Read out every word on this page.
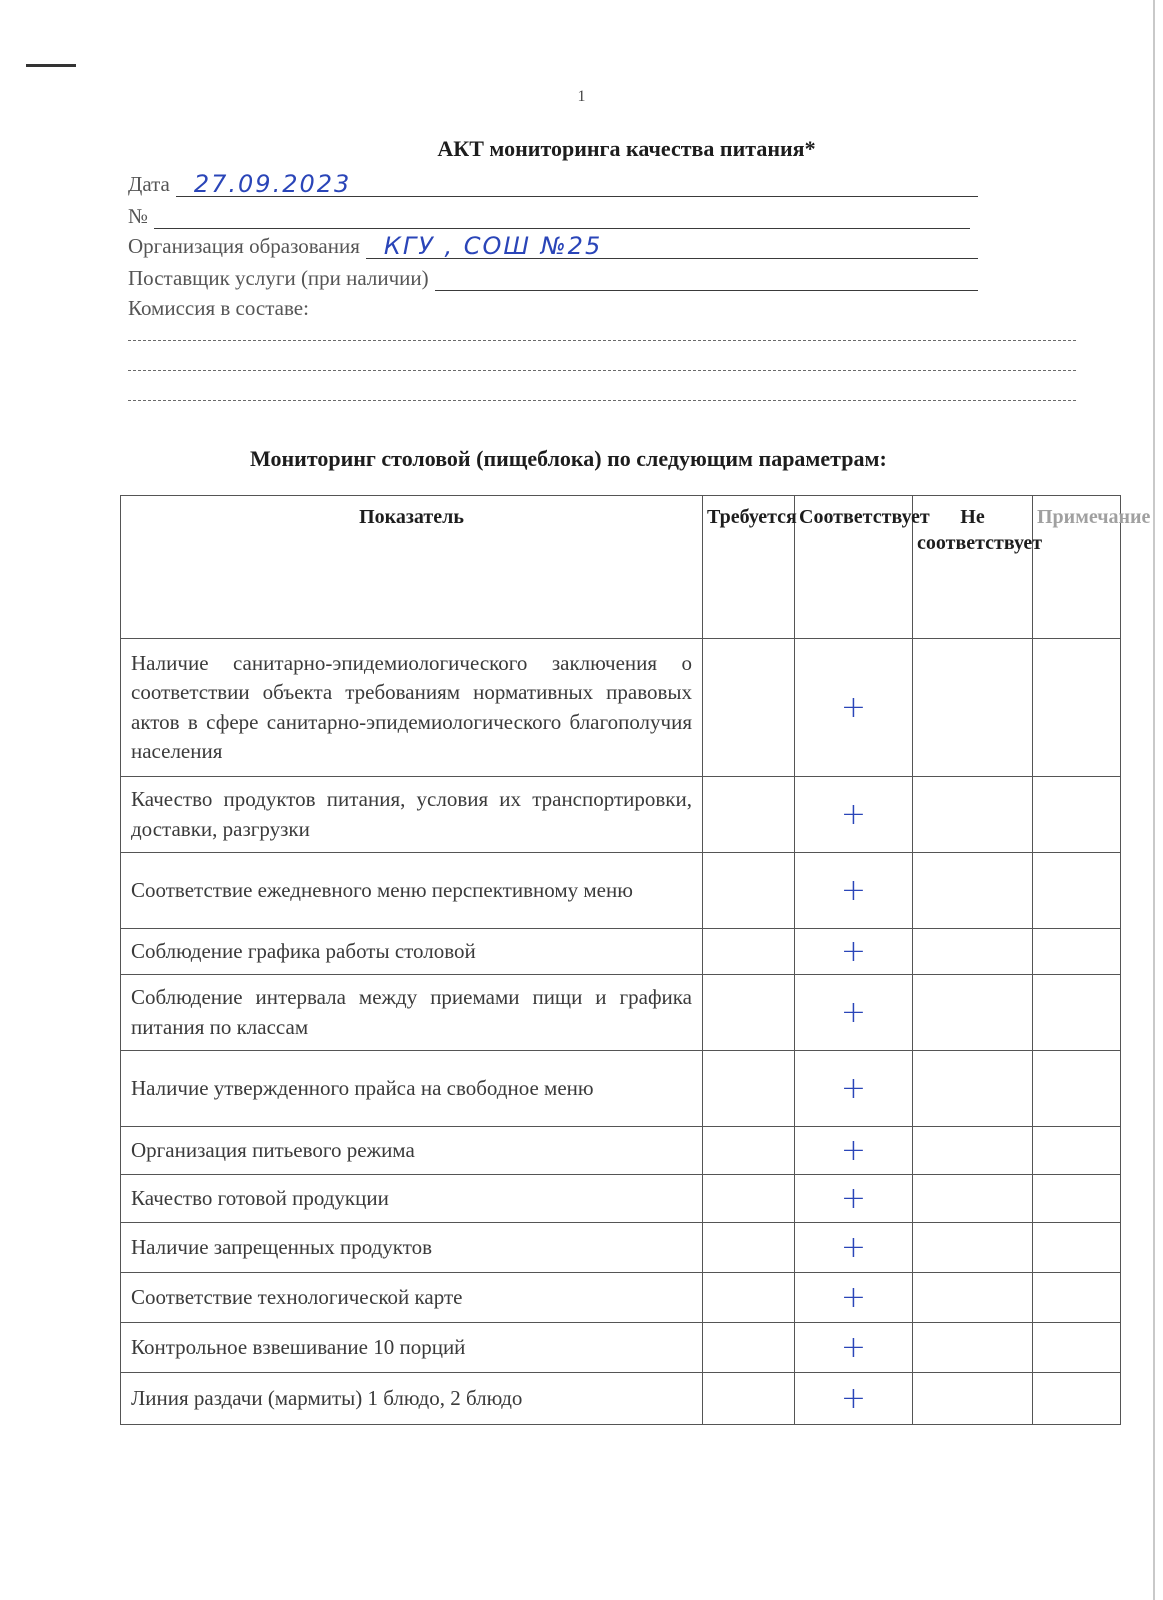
1
АКТ мониторинга качества питания*
Дата 27.09.2023
№
Организация образования КГУ , СОШ №25
Поставщик услуги (при наличии)
Комиссия в составе:
Мониторинг столовой (пищеблока) по следующим параметрам:
Показатель	Требуется	Соответствует	Не соответствует	Примечание
Наличие санитарно-эпидемиологического заключения о соответствии объекта требованиям нормативных правовых актов в сфере санитарно-эпидемиологического благополучия населения		+		
Качество продуктов питания, условия их транспортировки, доставки, разгрузки		+		
Соответствие ежедневного меню перспективному меню		+		
Соблюдение графика работы столовой		+		
Соблюдение интервала между приемами пищи и графика питания по классам		+		
Наличие утвержденного прайса на свободное меню		+		
Организация питьевого режима		+		
Качество готовой продукции		+		
Наличие запрещенных продуктов		+		
Соответствие технологической карте		+		
Контрольное взвешивание 10 порций		+		
Линия раздачи (мармиты) 1 блюдо, 2 блюдо		+		
